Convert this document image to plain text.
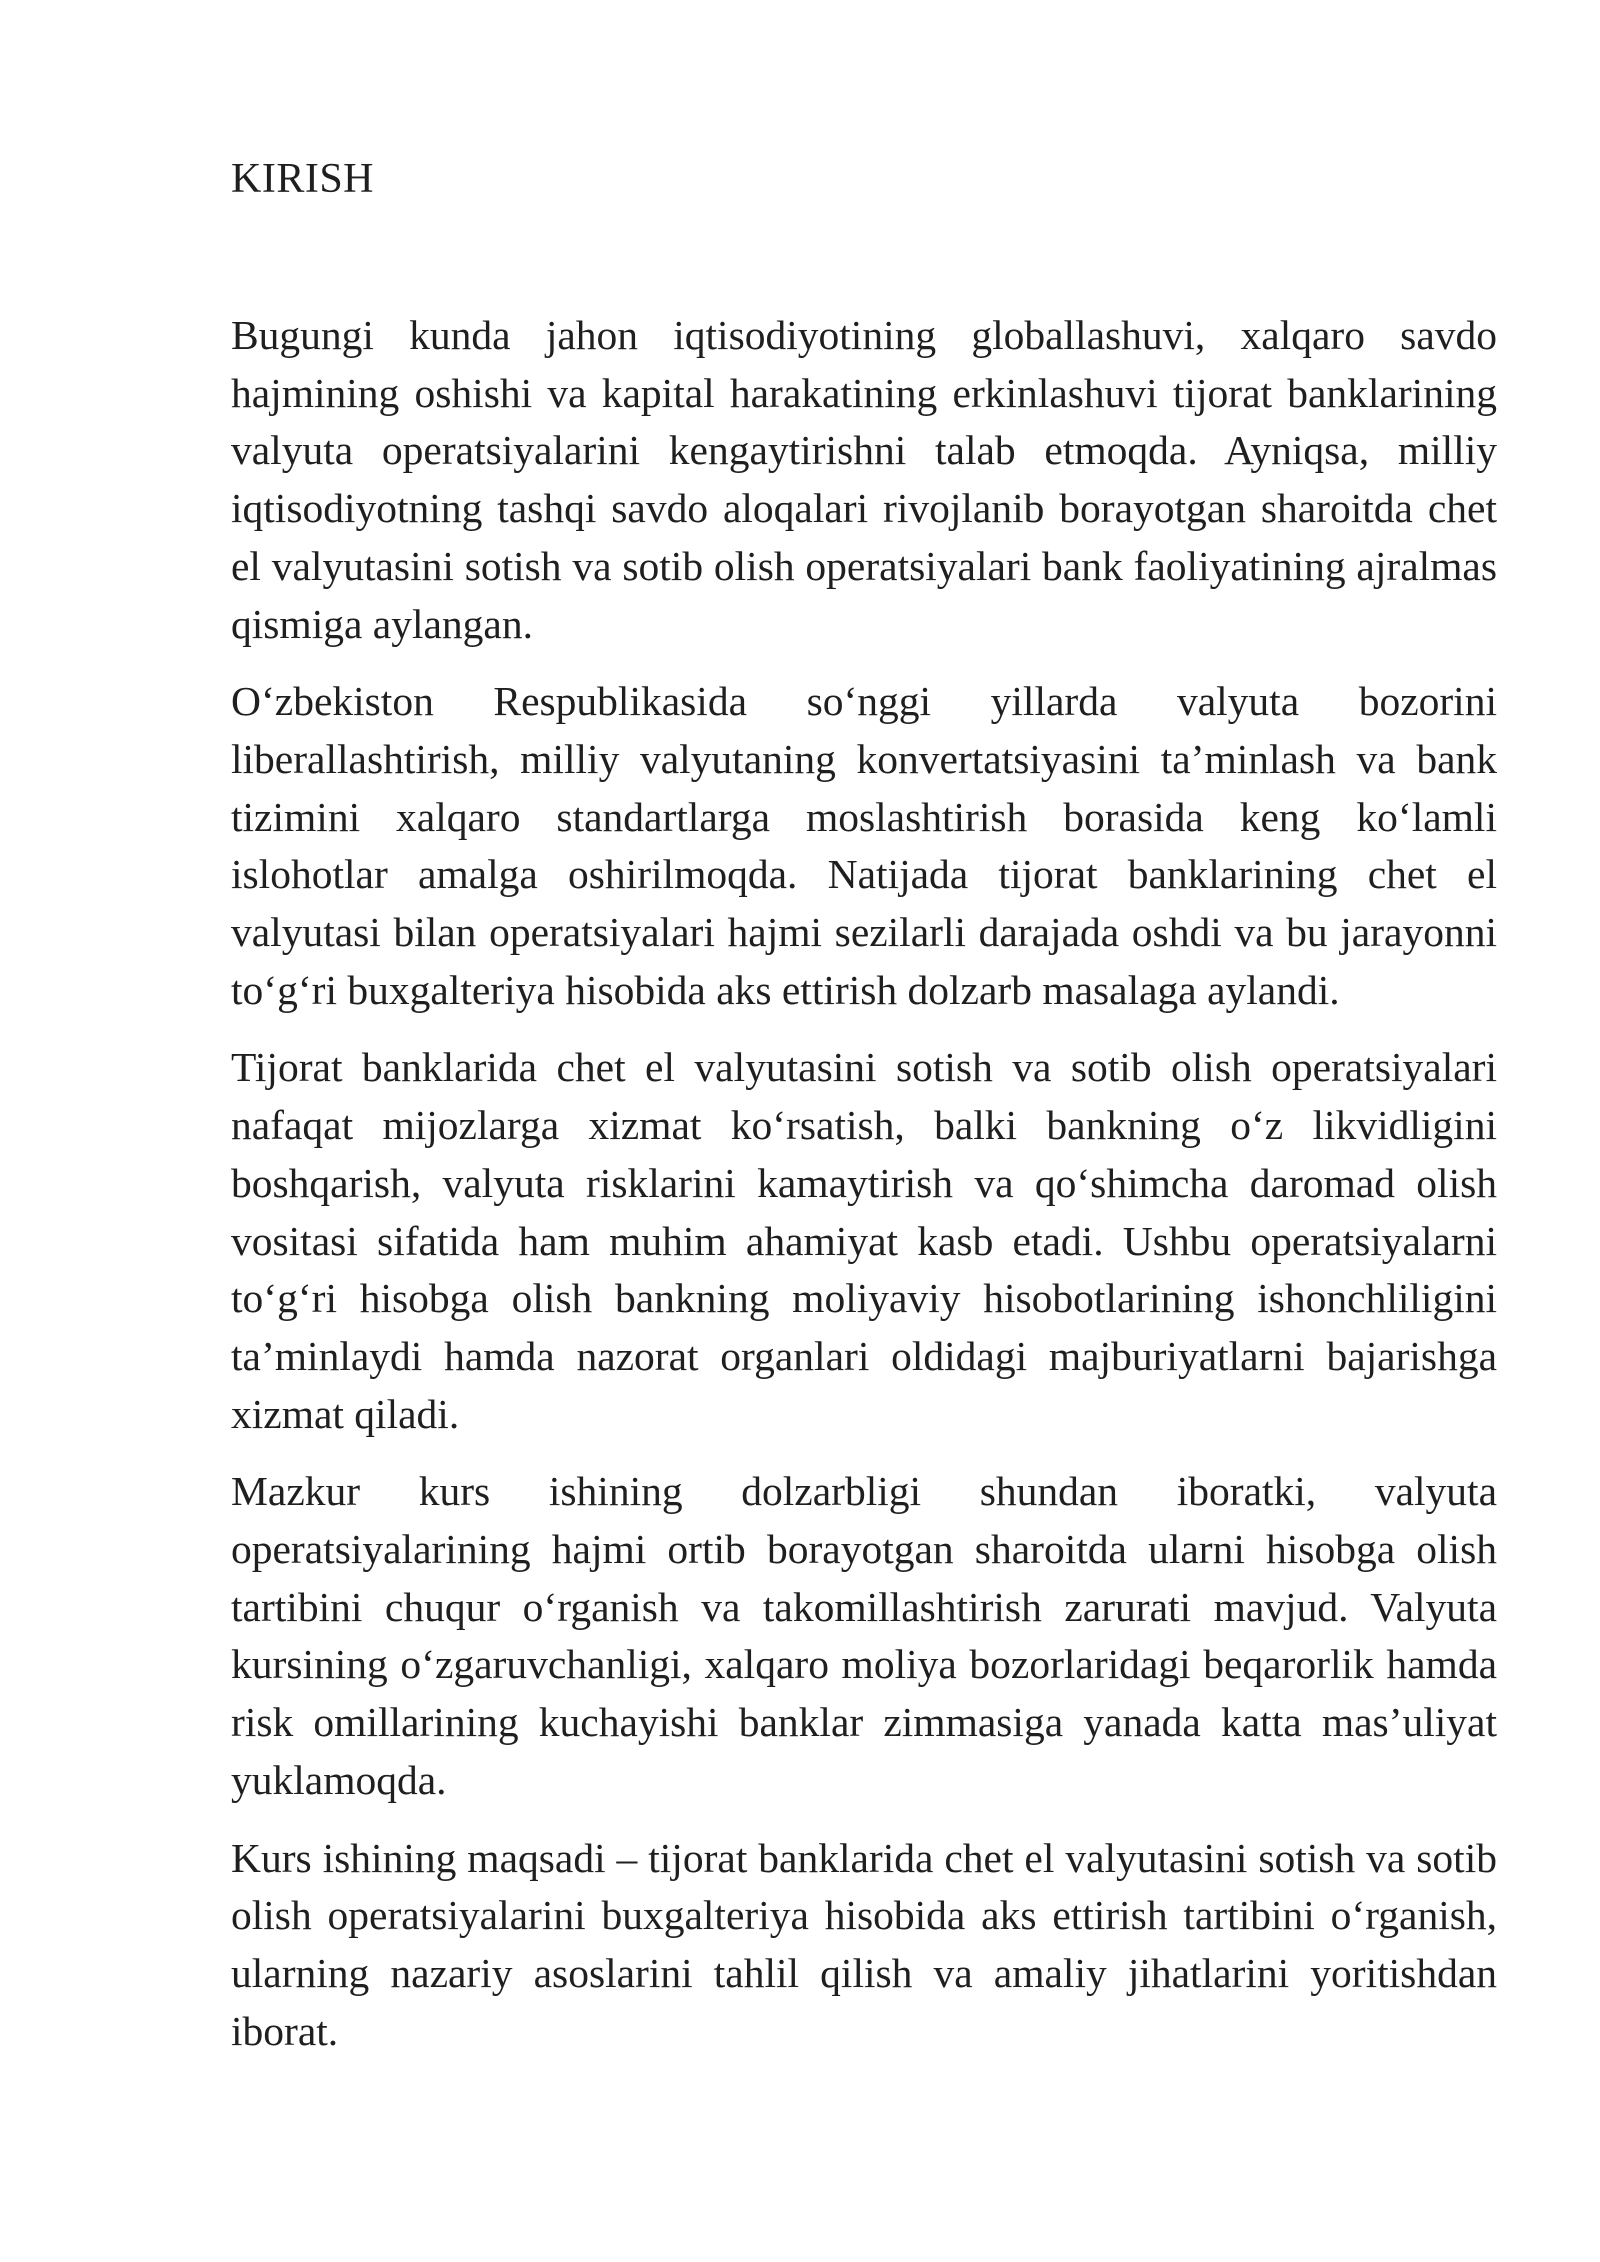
KIRISH

Bugungi kunda jahon iqtisodiyotining globallashuvi, xalqaro savdo hajmining oshishi va kapital harakatining erkinlashuvi tijorat banklarining valyuta operatsiyalarini kengaytirishni talab etmoqda. Ayniqsa, milliy iqtisodiyotning tashqi savdo aloqalari rivojlanib borayotgan sharoitda chet el valyutasini sotish va sotib olish operatsiyalari bank faoliyatining ajralmas qismiga aylangan.

O‘zbekiston Respublikasida so‘nggi yillarda valyuta bozorini liberallashtirish, milliy valyutaning konvertatsiyasini ta’minlash va bank tizimini xalqaro standartlarga moslashtirish borasida keng ko‘lamli islohotlar amalga oshirilmoqda. Natijada tijorat banklarining chet el valyutasi bilan operatsiyalari hajmi sezilarli darajada oshdi va bu jarayonni to‘g‘ri buxgalteriya hisobida aks ettirish dolzarb masalaga aylandi.

Tijorat banklarida chet el valyutasini sotish va sotib olish operatsiyalari nafaqat mijozlarga xizmat ko‘rsatish, balki bankning o‘z likvidligini boshqarish, valyuta risklarini kamaytirish va qo‘shimcha daromad olish vositasi sifatida ham muhim ahamiyat kasb etadi. Ushbu operatsiyalarni to‘g‘ri hisobga olish bankning moliyaviy hisobotlarining ishonchliligini ta’minlaydi hamda nazorat organlari oldidagi majburiyatlarni bajarishga xizmat qiladi.

Mazkur kurs ishining dolzarbligi shundan iboratki, valyuta operatsiyalarining hajmi ortib borayotgan sharoitda ularni hisobga olish tartibini chuqur o‘rganish va takomillashtirish zarurati mavjud. Valyuta kursining o‘zgaruvchanligi, xalqaro moliya bozorlaridagi beqarorlik hamda risk omillarining kuchayishi banklar zimmasiga yanada katta mas’uliyat yuklamoqda.

Kurs ishining maqsadi – tijorat banklarida chet el valyutasini sotish va sotib olish operatsiyalarini buxgalteriya hisobida aks ettirish tartibini o‘rganish, ularning nazariy asoslarini tahlil qilish va amaliy jihatlarini yoritishdan iborat.
